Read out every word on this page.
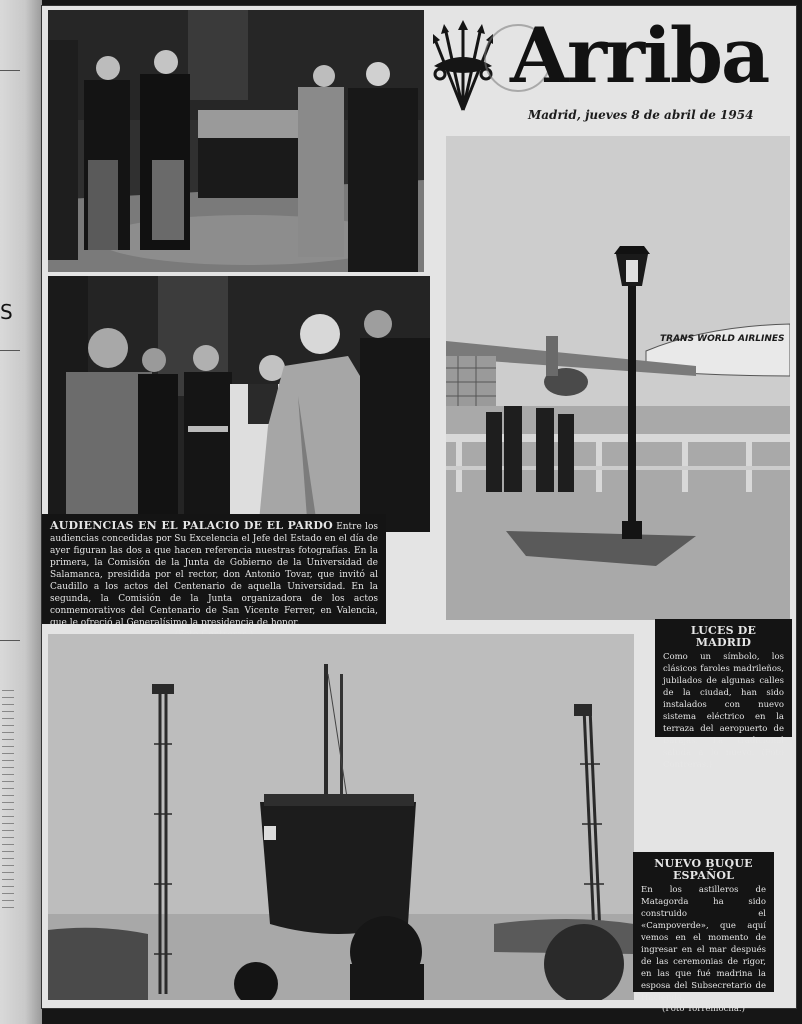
S
AUDIENCIAS EN EL PALACIO DE EL PARDO Entre los audiencias concedidas por Su Excelencia el Jefe del Estado en el día de ayer figuran las dos a que hacen referencia nuestras fotografías. En la primera, la Comisión de la Junta de Gobierno de la Universidad de Salamanca, presidida por el rector, don Antonio Tovar, que invitó al Caudillo a los actos del Centenario de aquella Universidad. En la segunda, la Comisión de la Junta organizadora de los actos conmemorativos del Centenario de San Vicente Ferrer, en Valencia, que le ofreció al Generalísimo la presidencia de honor.
Arriba
Madrid, jueves 8 de abril de 1954
TRANS WORLD AIRLINES
LUCES DE MADRID
Como un símbolo, los clásicos faroles madrileños, jubilados de algunas calles de la ciudad, han sido instalados con nuevo sistema eléctrico en la terraza del aeropuerto de Barajas. La tradicional saluda a lo nuevo. (Foto Contreras.)
NUEVO BUQUE ESPAÑOL
En los astilleros de Matagorda ha sido construido el «Campoverde», que aquí vemos en el momento de ingresar en el mar después de las ceremonias de rigor, en las que fué madrina la esposa del Subsecretario de Hacienda.
(Foto Torremocha.)
